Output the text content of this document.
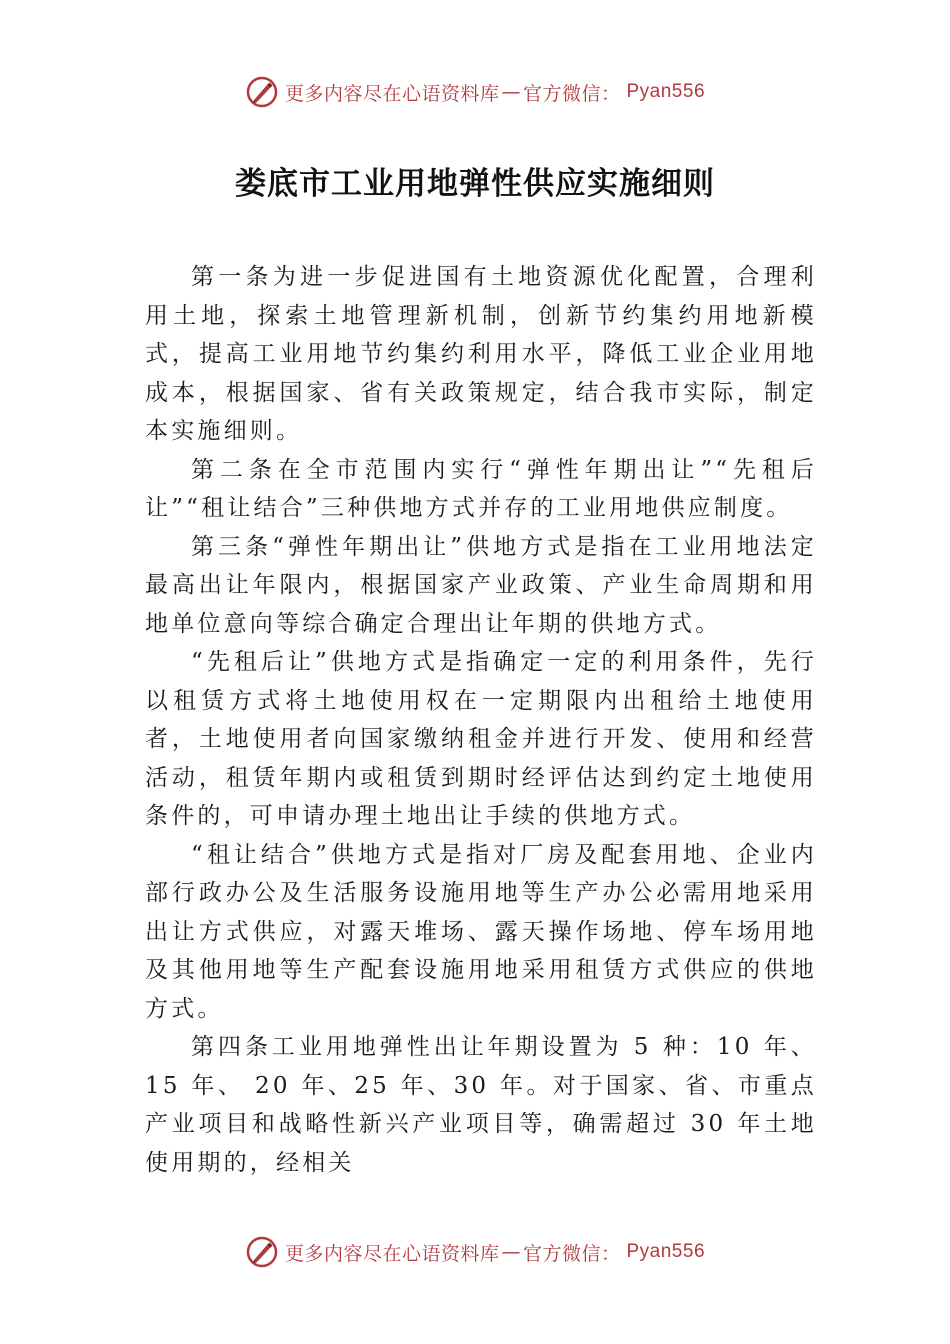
更多内容尽在心语资料库 — 官方微信： Pyan556
娄底市工业用地弹性供应实施细则

第一条为进一步促进国有土地资源优化配置，合理利用土地，探索土地管理新机制，创新节约集约用地新模式，提高工业用地节约集约利用水平，降低工业企业用地成本，根据国家、省有关政策规定，结合我市实际，制定本实施细则。

第二条在全市范围内实行“弹性年期出让”“先租后让”“租让结合”三种供地方式并存的工业用地供应制度。

第三条“弹性年期出让”供地方式是指在工业用地法定最高出让年限内，根据国家产业政策、产业生命周期和用地单位意向等综合确定合理出让年期的供地方式。

“先租后让”供地方式是指确定一定的利用条件，先行以租赁方式将土地使用权在一定期限内出租给土地使用者，土地使用者向国家缴纳租金并进行开发、使用和经营活动，租赁年期内或租赁到期时经评估达到约定土地使用条件的，可申请办理土地出让手续的供地方式。

“租让结合”供地方式是指对厂房及配套用地、企业内部行政办公及生活服务设施用地等生产办公必需用地采用出让方式供应，对露天堆场、露天操作场地、停车场用地及其他用地等生产配套设施用地采用租赁方式供应的供地方式。

第四条工业用地弹性出让年期设置为 5 种：10 年、15 年、 20 年、25 年、30 年。对于国家、省、市重点产业项目和战略性新兴产业项目等，确需超过 30 年土地使用期的，经相关

更多内容尽在心语资料库 — 官方微信： Pyan556
